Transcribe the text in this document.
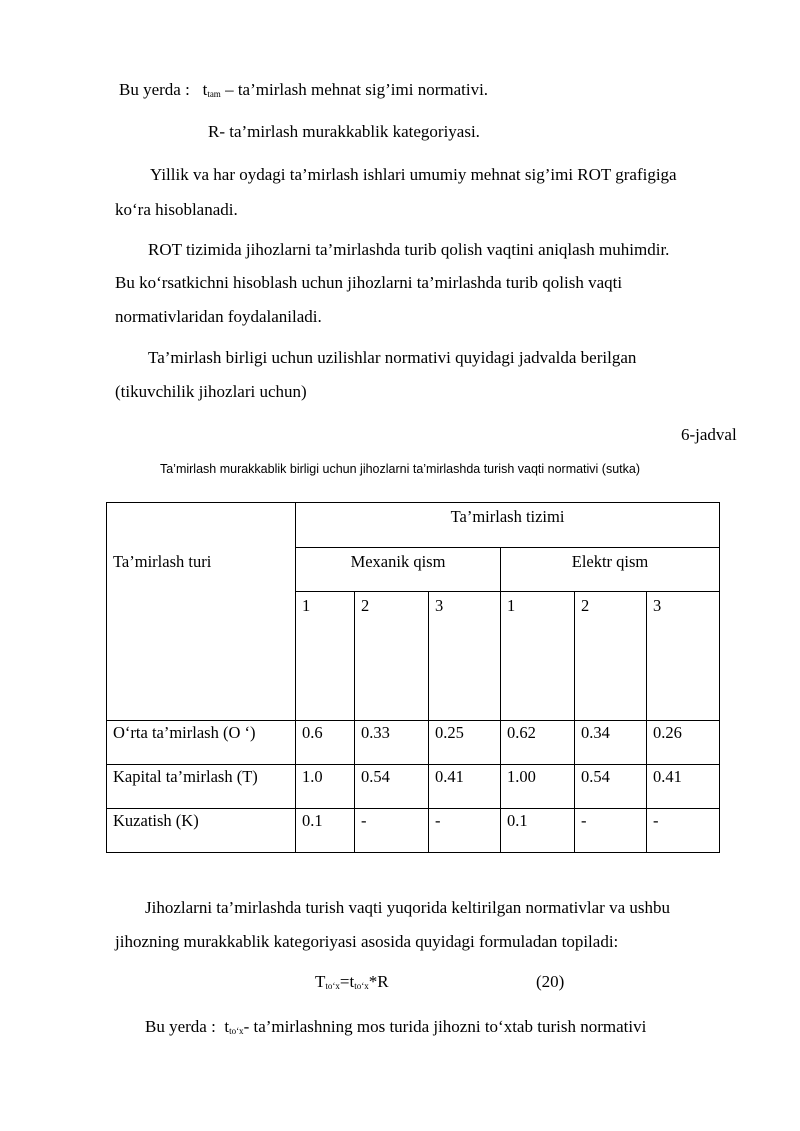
Bu yerda : $t_{tam}$ – ta’mirlash mehnat sig’imi normativi.
R- ta’mirlash murakkablik kategoriyasi.
Yillik va har oydagi ta’mirlash ishlari umumiy mehnat sig’imi ROT grafigiga
ko‘ra hisoblanadi.
ROT tizimida jihozlarni ta’mirlashda turib qolish vaqtini aniqlash muhimdir.
Bu ko‘rsatkichni hisoblash uchun jihozlarni ta’mirlashda turib qolish vaqti
normativlaridan foydalaniladi.
Ta’mirlash birligi uchun uzilishlar normativi quyidagi jadvalda berilgan
(tikuvchilik jihozlari uchun)
6-jadval
Ta’mirlash murakkablik birligi uchun jihozlarni ta’mirlashda turish vaqti normativi (sutka)
Ta’mirlash turi	Ta’mirlash tizimi					
	Mexanik qism			Elektr qism		
	1	2	3	1	2	3
O‘rta ta’mirlash (O ‘)	0.6	0.33	0.25	0.62	0.34	0.26
Kapital ta’mirlash (T)	1.0	0.54	0.41	1.00	0.54	0.41
Kuzatish (K)	0.1	-	-	0.1	-	-
Jihozlarni ta’mirlashda turish vaqti yuqorida keltirilgan normativlar va ushbu
jihozning murakkablik kategoriyasi asosida quyidagi formuladan topiladi:
$T_{to‘x}=t_{to‘x}*R$	(20)
Bu yerda : $t_{to‘x}-$ ta’mirlashning mos turida jihozni to‘xtab turish normativi
